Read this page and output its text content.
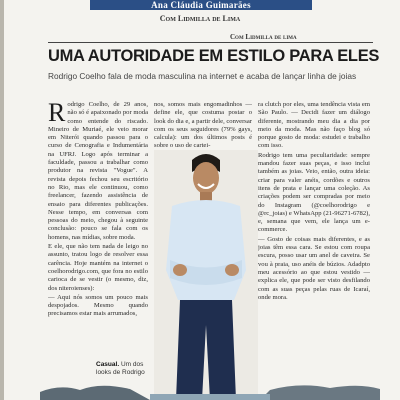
Ana Cláudia Guimarães
Com Lidmilla de Lima
Com Lidmilla de lima
UMA AUTORIDADE EM ESTILO PARA ELES
Rodrigo Coelho fala de moda masculina na internet e acaba de lançar linha de joias
R odrigo Coelho, de 29 anos, não só é apaixonado por moda como entende do riscado. Mineiro de Muriaé, ele veio morar em Niterói quando passou para o curso de Cenografia e Indumentária na UFRJ. Logo após terminar a faculdade, passou a trabalhar como produtor na revista "Vogue". A revista depois fechou seu escritório no Rio, mas ele continuou, como freelancer, fazendo assistência de ensaio para diferentes publicações. Nesse tempo, em conversas com pessoas do meio, chegou à seguinte conclusão: pouco se fala com os homens, nas mídias, sobre moda.

E ele, que não tem nada de leigo no assunto, tratou logo de resolver essa carência. Hoje mantém na internet o coelhorodrigo.com, que fora no estilo carioca de se vestir (o mesmo, diz, dos niteroienses):

— Aqui nós somos um pouco mais despojados. Mesmo quando precisamos estar mais arrumados,

nos, somos mais engomadinhos — define ele, que costuma postar o look do dia e, a partir dele, conversar com os seus seguidores (79% gays, calcula): um dos últimos posts é sobre o uso de cartei-

ra clutch por eles, uma tendência vista em São Paulo. — Decidi fazer um diálogo diferente, mostrando meu dia a dia por meio da moda. Mas não faço blog só porque gosto de moda: estudei e trabalho com isso.

Rodrigo tem uma peculiaridade: sempre mandou fazer suas peças, e isso inclui também as joias. Veio, então, outra ideia: criar para valer anéis, cordões e outros itens de prata e lançar uma coleção. As criações podem ser compradas por meio do Instagram (@coelhorodrigo e @rc_joias) e WhatsApp (21-96271-6782), e, semana que vem, ele lança um e-commerce.

— Gosto de coisas mais diferentes, e as joias têm essa cara. Se estou com roupa escura, posso usar um anel de caveira. Se vou à praia, uso anéis de búzios. Adadpto meu acessório ao que estou vestido — explica ele, que pode ser visto desfilando com as suas peças pelas ruas de Icaraí, onde mora.

Casual. Um dos looks de Rodrigo
